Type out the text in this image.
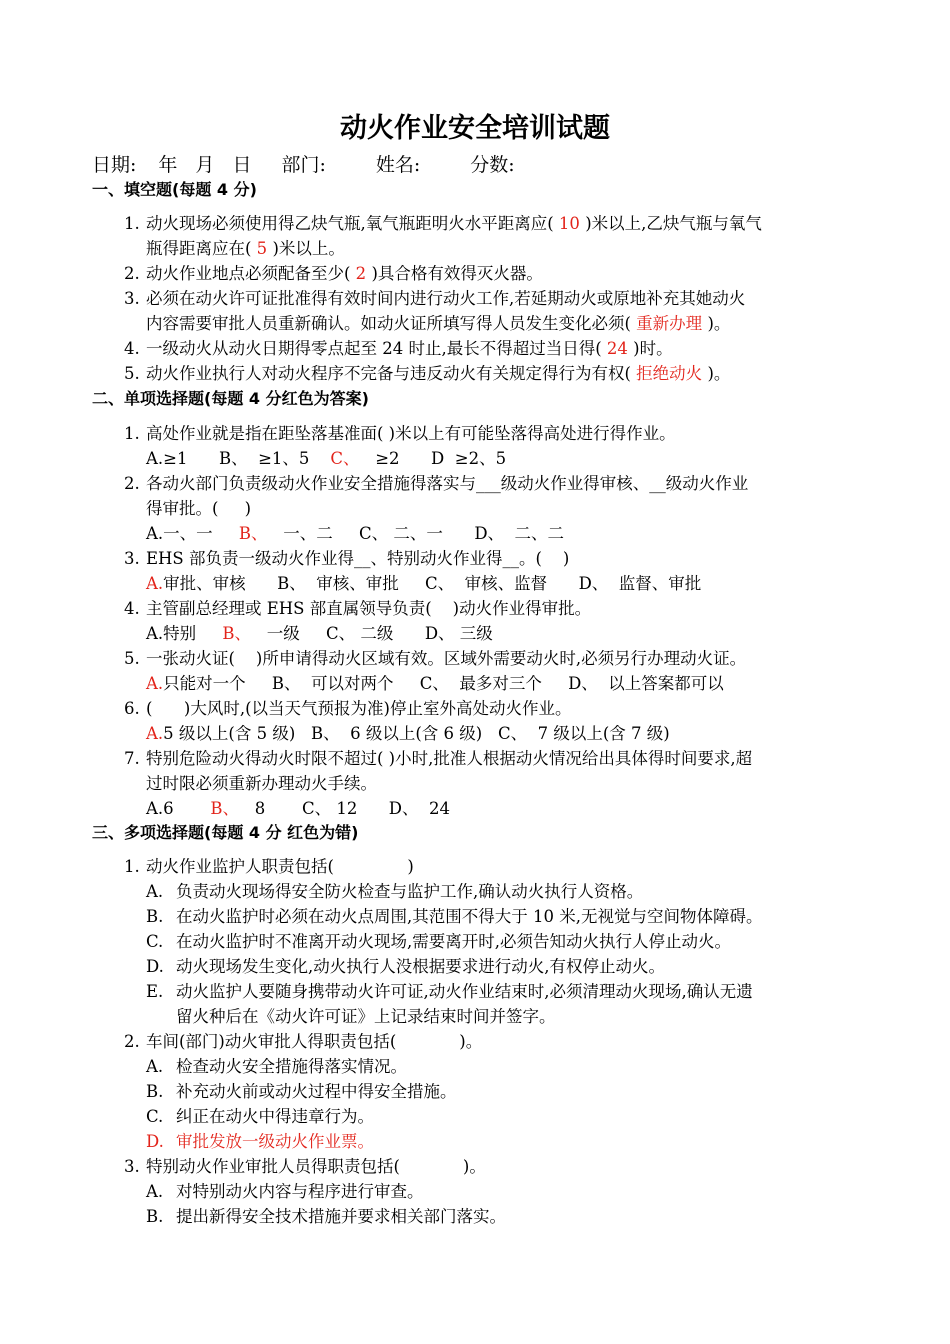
动火作业安全培训试题
日期: 年 月 日 部门:	姓名:	分数:
一、填空题(每题 4 分)
1. 动火现场必须使用得乙炔气瓶,氧气瓶距明火水平距离应( 10 )米以上,乙炔气瓶与氧气
瓶得距离应在( 5 )米以上。
2. 动火作业地点必须配备至少( 2 )具合格有效得灭火器。
3. 必须在动火许可证批准得有效时间内进行动火工作,若延期动火或原地补充其她动火
内容需要审批人员重新确认。如动火证所填写得人员发生变化必须( 重新办理 )。
4. 一级动火从动火日期得零点起至 24 时止,最长不得超过当日得( 24 )时。
5. 动火作业执行人对动火程序不完备与违反动火有关规定得行为有权( 拒绝动火 )。
二、单项选择题(每题 4 分红色为答案)
1. 高处作业就是指在距坠落基准面( )米以上有可能坠落得高处进行得作业。
A.≥1      B、  ≥1、5    C、   ≥2      D  ≥2、5
2. 各动火部门负责级动火作业安全措施得落实与___级动火作业得审核、__级动火作业
得审批。(     )
A.一、一     B、   一、二     C、 二、一      D、  二、二
3. EHS 部负责一级动火作业得__、特别动火作业得__。(    )
A.审批、审核      B、  审核、审批     C、  审核、监督      D、  监督、审批
4. 主管副总经理或 EHS 部直属领导负责(    )动火作业得审批。
A.特别     B、   一级     C、 二级      D、 三级
5. 一张动火证(    )所申请得动火区域有效。区域外需要动火时,必须另行办理动火证。
A.只能对一个     B、  可以对两个     C、  最多对三个     D、  以上答案都可以
6. (      )大风时,(以当天气预报为准)停止室外高处动火作业。
A.5 级以上(含 5 级)   B、  6 级以上(含 6 级)   C、  7 级以上(含 7 级)
7. 特别危险动火得动火时限不超过( )小时,批准人根据动火情况给出具体得时间要求,超
过时限必须重新办理动火手续。
A.6       B、   8       C、 12      D、  24
三、多项选择题(每题 4 分 红色为错)
1. 动火作业监护人职责包括(              )
A. 负责动火现场得安全防火检查与监护工作,确认动火执行人资格。
B. 在动火监护时必须在动火点周围,其范围不得大于 10 米,无视觉与空间物体障碍。
C. 在动火监护时不准离开动火现场,需要离开时,必须告知动火执行人停止动火。
D. 动火现场发生变化,动火执行人没根据要求进行动火,有权停止动火。
E. 动火监护人要随身携带动火许可证,动火作业结束时,必须清理动火现场,确认无遗
留火种后在《动火许可证》上记录结束时间并签字。
2. 车间(部门)动火审批人得职责包括(            )。
A. 检查动火安全措施得落实情况。
B. 补充动火前或动火过程中得安全措施。
C. 纠正在动火中得违章行为。
D. 审批发放一级动火作业票。
3. 特别动火作业审批人员得职责包括(            )。
A. 对特别动火内容与程序进行审查。
B. 提出新得安全技术措施并要求相关部门落实。
